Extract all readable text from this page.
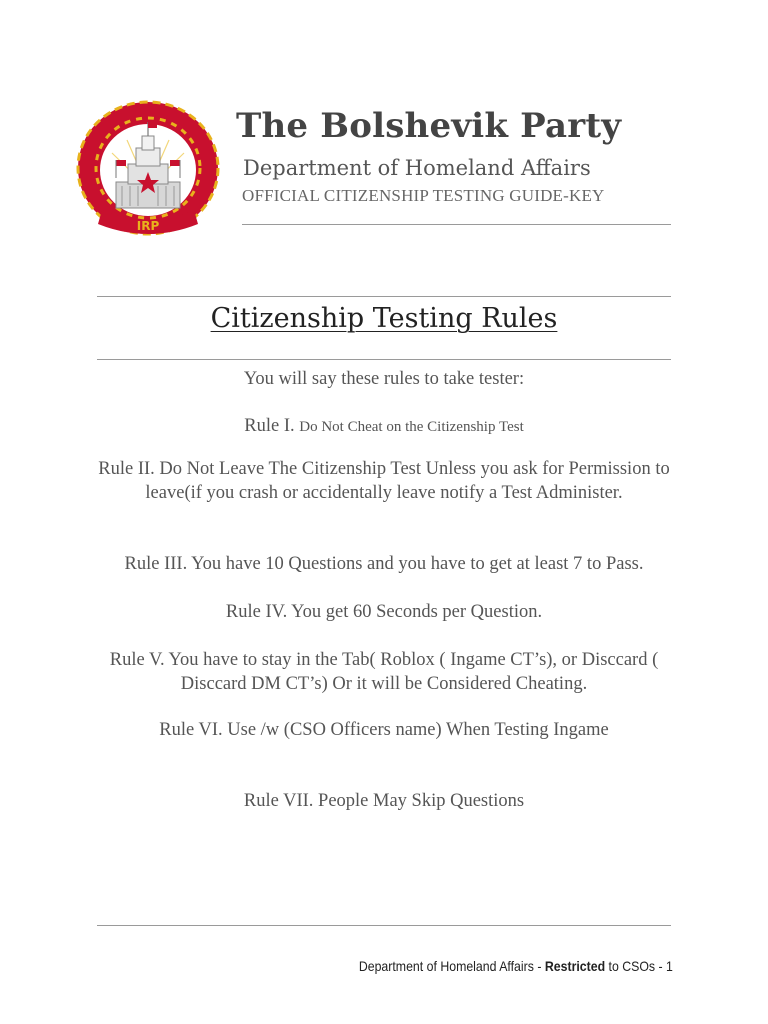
IRP
The Bolshevik Party
Department of Homeland Affairs
OFFICIAL CITIZENSHIP TESTING GUIDE-KEY
Citizenship Testing Rules
You will say these rules to take tester:
Rule I. Do Not Cheat on the Citizenship Test
Rule II. Do Not Leave The Citizenship Test Unless you ask for Permission to leave(if you crash or accidentally leave notify a Test Administer.
Rule III. You have 10 Questions and you have to get at least 7 to Pass.
Rule IV. You get 60 Seconds per Question.
Rule V. You have to stay in the Tab( Roblox ( Ingame CT’s), or Disccard ( Disccard DM CT’s) Or it will be Considered Cheating.
Rule VI. Use /w (CSO Officers name) When Testing Ingame
Rule VII. People May Skip Questions
Department of Homeland Affairs - Restricted to CSOs - 1
